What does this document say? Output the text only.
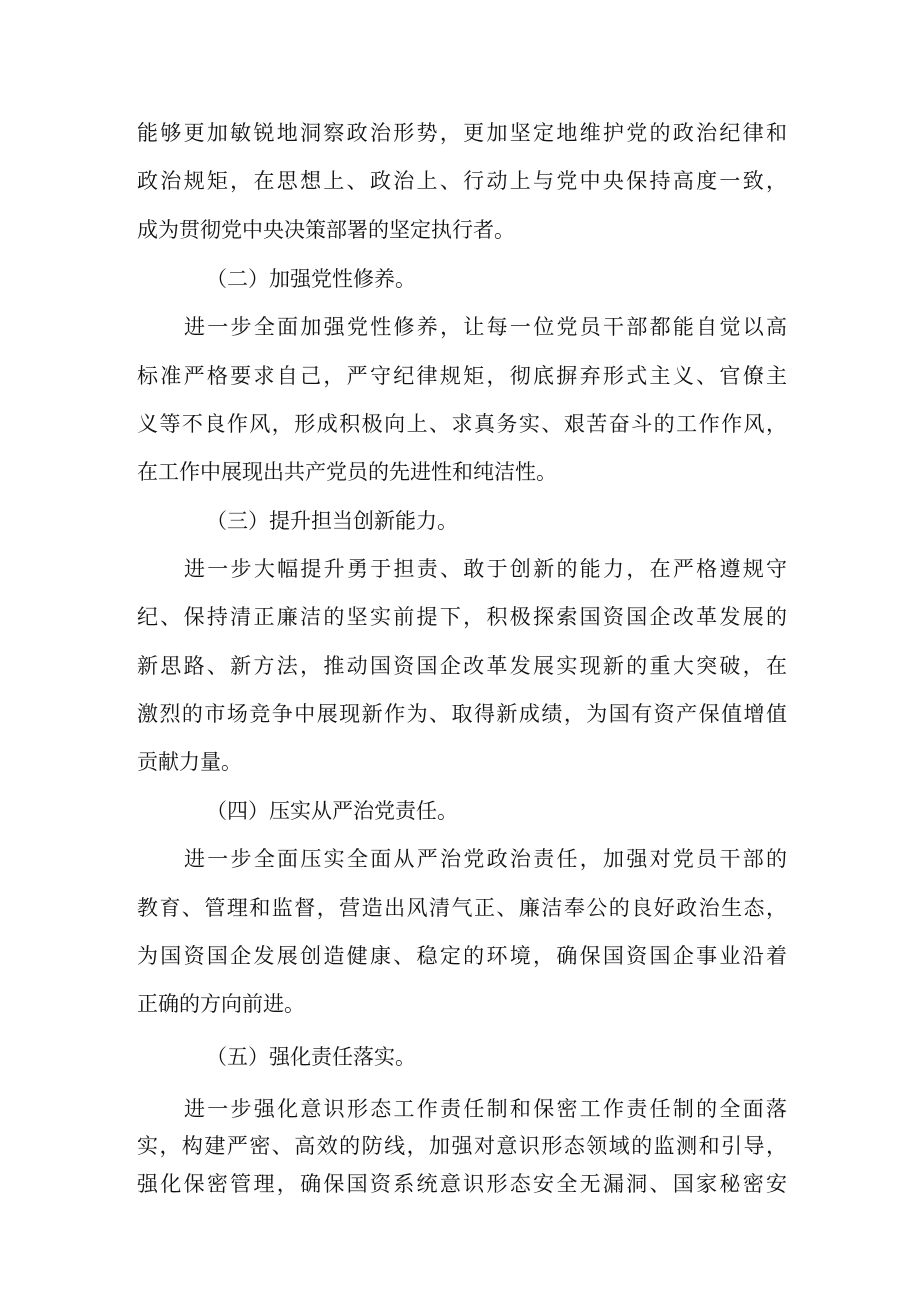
能够更加敏锐地洞察政治形势，更加坚定地维护党的政治纪律和

政治规矩，在思想上、政治上、行动上与党中央保持高度一致，

成为贯彻党中央决策部署的坚定执行者。

（二）加强党性修养。

进一步全面加强党性修养，让每一位党员干部都能自觉以高

标准严格要求自己，严守纪律规矩，彻底摒弃形式主义、官僚主

义等不良作风，形成积极向上、求真务实、艰苦奋斗的工作作风，

在工作中展现出共产党员的先进性和纯洁性。

（三）提升担当创新能力。

进一步大幅提升勇于担责、敢于创新的能力，在严格遵规守

纪、保持清正廉洁的坚实前提下，积极探索国资国企改革发展的

新思路、新方法，推动国资国企改革发展实现新的重大突破，在

激烈的市场竞争中展现新作为、取得新成绩，为国有资产保值增值

贡献力量。

（四）压实从严治党责任。

进一步全面压实全面从严治党政治责任，加强对党员干部的

教育、管理和监督，营造出风清气正、廉洁奉公的良好政治生态，

为国资国企发展创造健康、稳定的环境，确保国资国企事业沿着

正确的方向前进。

（五）强化责任落实。

进一步强化意识形态工作责任制和保密工作责任制的全面落

实，构建严密、高效的防线，加强对意识形态领域的监测和引导，

强化保密管理，确保国资系统意识形态安全无漏洞、国家秘密安
